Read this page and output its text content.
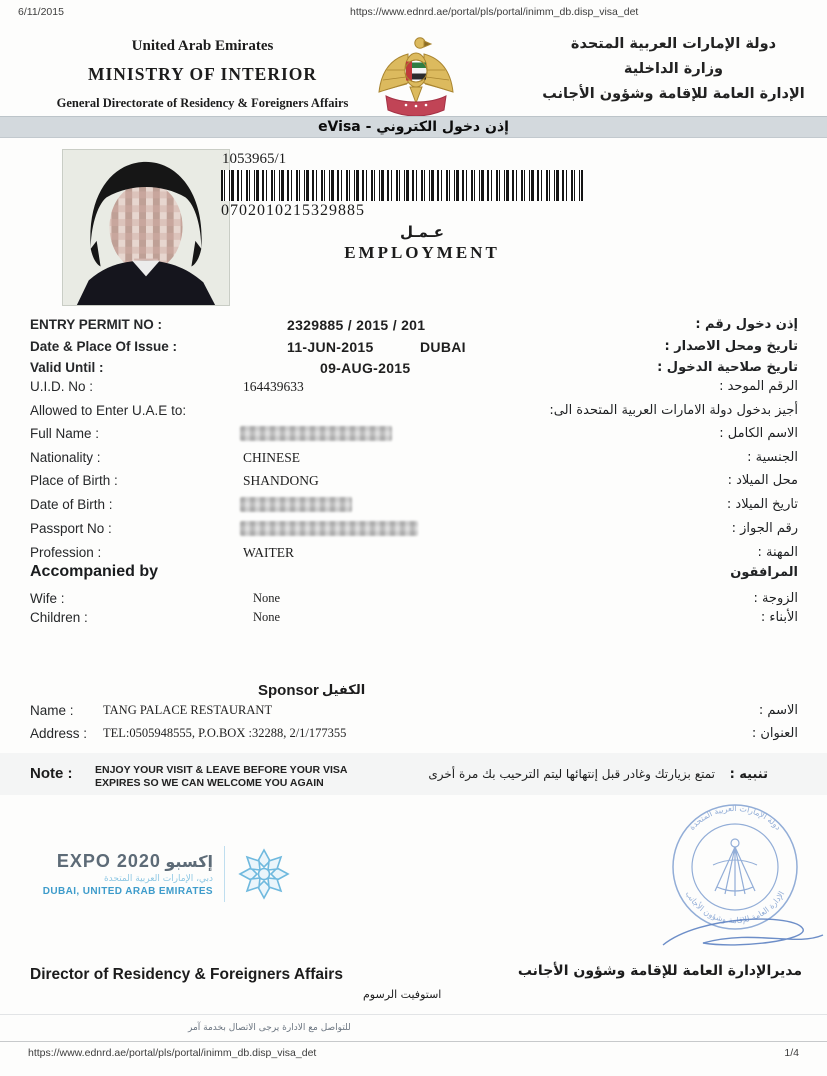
6/11/2015	https://www.ednrd.ae/portal/pls/portal/inimm_db.disp_visa_det
United Arab Emirates
MINISTRY OF INTERIOR
General Directorate of Residency & Foreigners Affairs
دولة الإمارات العربية المتحدة
وزارة الداخلية
الإدارة العامة للإقامة وشؤون الأجانب
eVisa - إذن دخول الكتروني
1053965/1
0702010215329885
عـمـل
EMPLOYMENT
ENTRY PERMIT NO :	2329885 / 2015 / 201	إذن دخول رقم :
Date & Place Of Issue :	11-JUN-2015	DUBAI	تاريخ ومحل الاصدار :
Valid Until :	09-AUG-2015	تاريخ صلاحية الدخول :
U.I.D. No :	164439633	الرقم الموحد :
Allowed to Enter U.A.E to:	أجيز بدخول دولة الامارات العربية المتحدة الى:
Full Name :	الاسم الكامل :
Nationality :	CHINESE	الجنسية :
Place of Birth :	SHANDONG	محل الميلاد :
Date of Birth :	تاريخ الميلاد :
Passport No :	رقم الجواز :
Profession :	WAITER	المهنة :
Accompanied by	المرافقون
Wife :	None	الزوجة :
Children :	None	الأبناء :
Sponsor الكفيل
Name : TANG PALACE RESTAURANT	الاسم :
Address : TEL:0505948555, P.O.BOX :32288, 2/1/177355	العنوان :
Note : ENJOY YOUR VISIT & LEAVE BEFORE YOUR VISA
EXPIRES SO WE CAN WELCOME YOU AGAIN
تمتع بزيارتك وغادر قبل إنتهائها ليتم الترحيب بك مرة أخرى تنبيه :
EXPO 2020 إكسبو
دبي، الإمارات العربية المتحدة
DUBAI, UNITED ARAB EMIRATES
دولة الإمارات العربية المتحدة
الإدارة العامة للإقامة وشؤون الأجانب
Director of Residency & Foreigners Affairs	مديرالإدارة العامة للإقامة وشؤون الأجانب
استوفيت الرسوم
للتواصل مع الادارة يرجى الاتصال بخدمة آمر
https://www.ednrd.ae/portal/pls/portal/inimm_db.disp_visa_det	1/4
